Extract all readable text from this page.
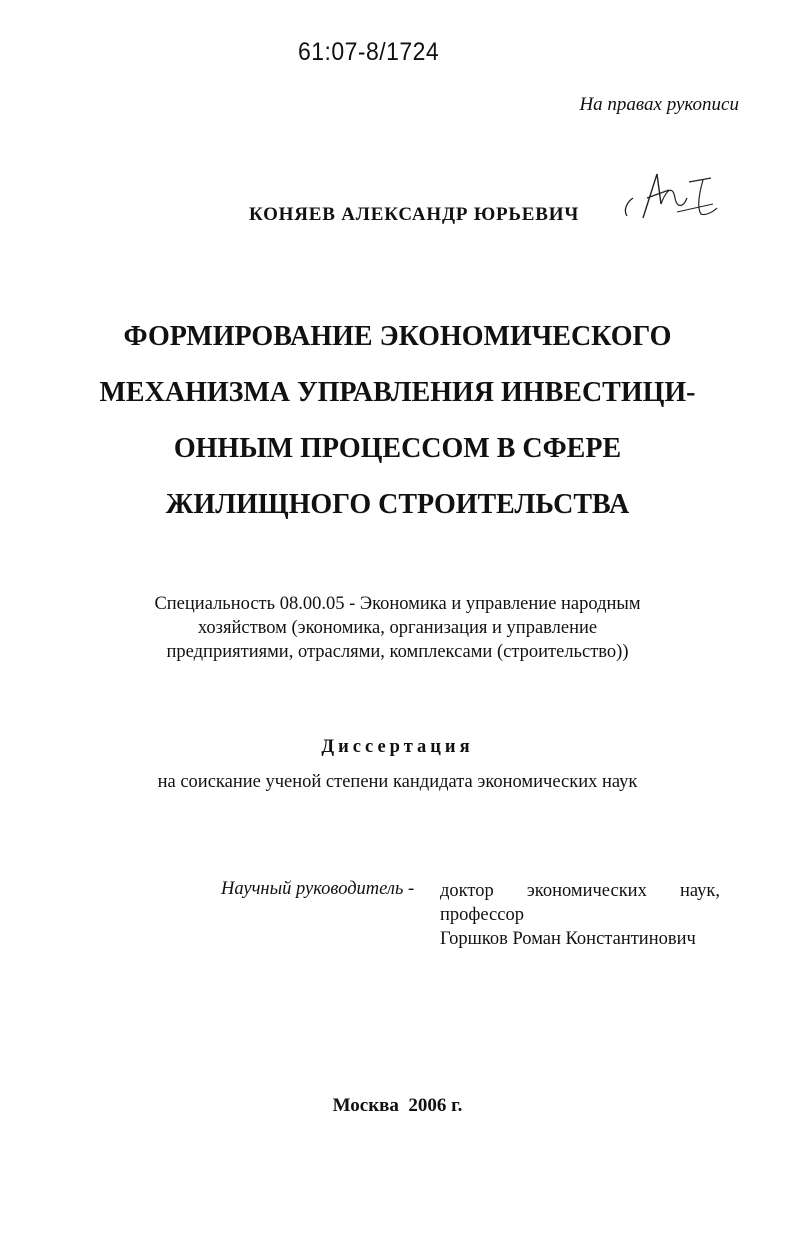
61:07-8/1724
На правах рукописи
КОНЯЕВ АЛЕКСАНДР ЮРЬЕВИЧ
ФОРМИРОВАНИЕ ЭКОНОМИЧЕСКОГО
МЕХАНИЗМА УПРАВЛЕНИЯ ИНВЕСТИЦИ-
ОННЫМ ПРОЦЕССОМ В СФЕРЕ
ЖИЛИЩНОГО СТРОИТЕЛЬСТВА
Специальность 08.00.05 - Экономика и управление народным
хозяйством (экономика, организация и управление
предприятиями, отраслями, комплексами (строительство))
Диссертация
на соискание ученой степени кандидата экономических наук
Научный руководитель - доктор экономических наук,
профессор
Горшков Роман Константинович
Москва  2006 г.
